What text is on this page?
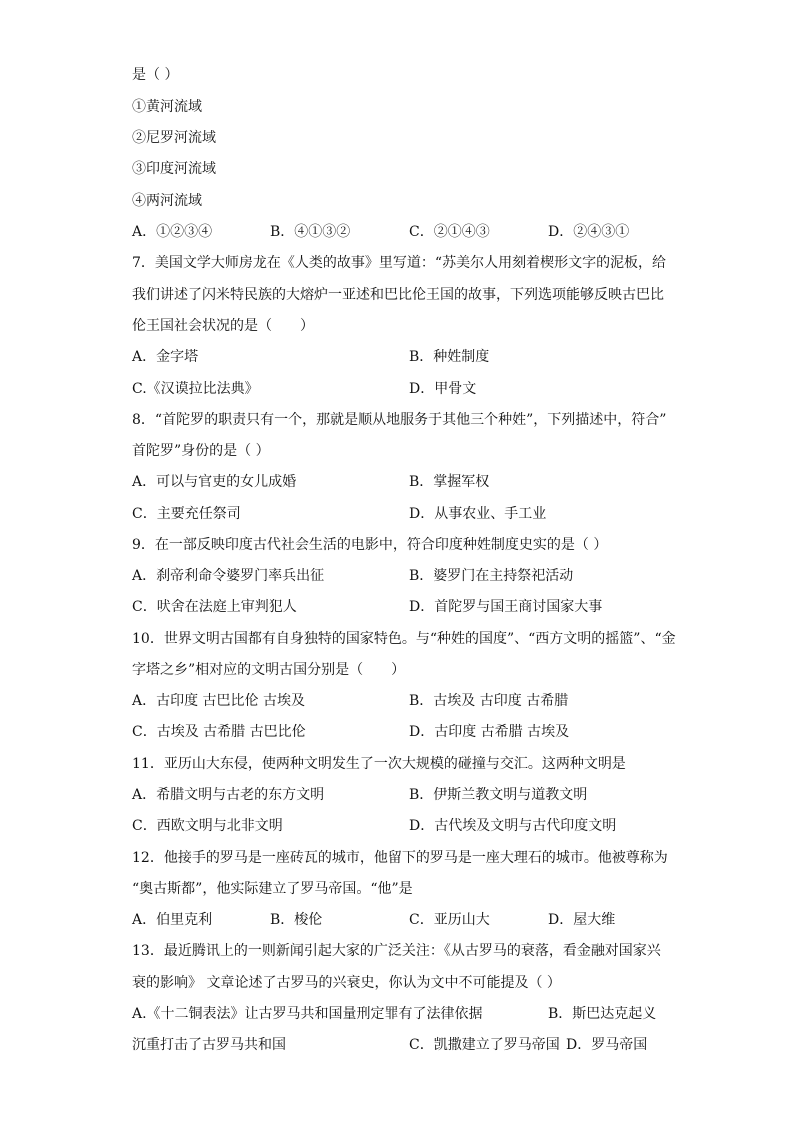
是（ ）
①黄河流域
②尼罗河流域
③印度河流域
④两河流域
A．①②③④	B．④①③②	C．②①④③	D．②④③①
7．美国文学大师房龙在《人类的故事》里写道：“苏美尔人用刻着楔形文字的泥板，给
我们讲述了闪米特民族的大熔炉一亚述和巴比伦王国的故事，下列选项能够反映古巴比
伦王国社会状况的是（　　）
A．金字塔	B．种姓制度
C.《汉谟拉比法典》	D．甲骨文
8．“首陀罗的职责只有一个，那就是顺从地服务于其他三个种姓”，下列描述中，符合”
首陀罗”身份的是（ ）
A．可以与官吏的女儿成婚	B．掌握军权
C．主要充任祭司	D．从事农业、手工业
9．在一部反映印度古代社会生活的电影中，符合印度种姓制度史实的是（ ）
A．刹帝利命令婆罗门率兵出征	B．婆罗门在主持祭祀活动
C．吠舍在法庭上审判犯人	D．首陀罗与国王商讨国家大事
10．世界文明古国都有自身独特的国家特色。与“种姓的国度”、“西方文明的摇篮”、“金
字塔之乡”相对应的文明古国分别是（　　）
A．古印度 古巴比伦 古埃及	B．古埃及 古印度 古希腊
C．古埃及 古希腊 古巴比伦	D．古印度 古希腊 古埃及
11．亚历山大东侵，使两种文明发生了一次大规模的碰撞与交汇。这两种文明是
A．希腊文明与古老的东方文明	B．伊斯兰教文明与道教文明
C．西欧文明与北非文明	D．古代埃及文明与古代印度文明
12．他接手的罗马是一座砖瓦的城市，他留下的罗马是一座大理石的城市。他被尊称为
“奥古斯都”，他实际建立了罗马帝国。“他”是
A．伯里克利	B．梭伦	C．亚历山大	D．屋大维
13．最近腾讯上的一则新闻引起大家的广泛关注：《从古罗马的衰落，看金融对国家兴
衰的影响》 文章论述了古罗马的兴衰史，你认为文中不可能提及（ ）
A.《十二铜表法》让古罗马共和国量刑定罪有了法律依据	B．斯巴达克起义
沉重打击了古罗马共和国	C．凯撒建立了罗马帝国 D．罗马帝国
